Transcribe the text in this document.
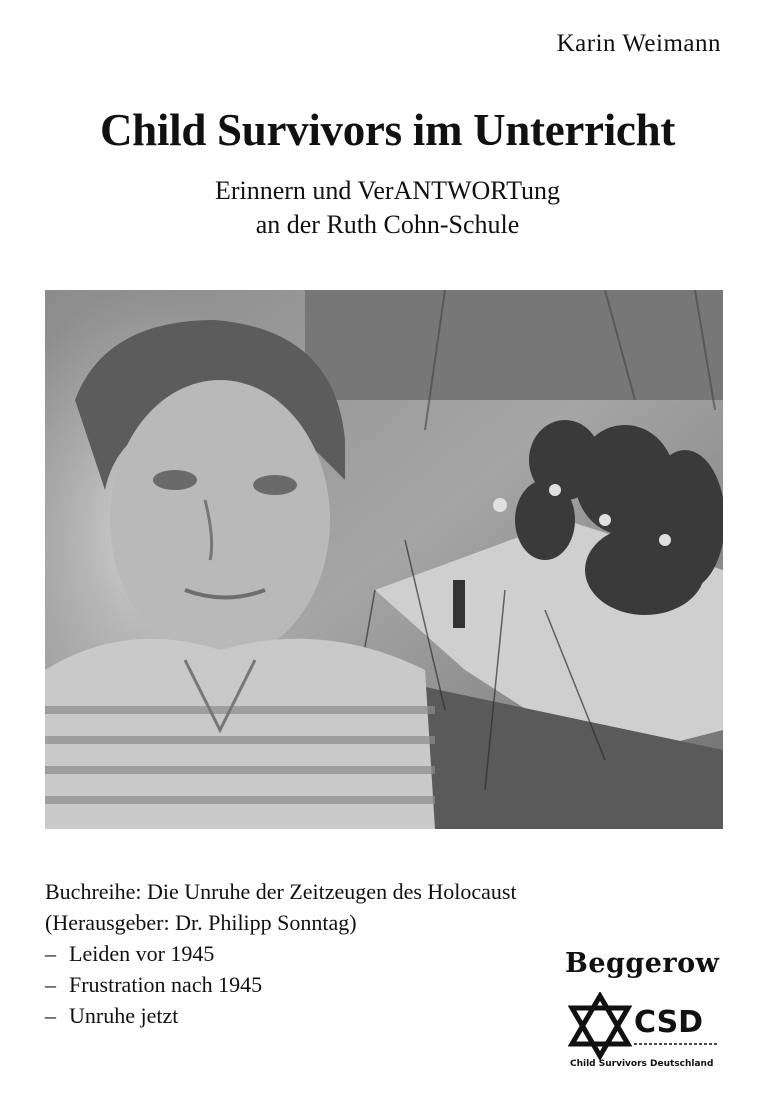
Karin Weimann
Child Survivors im Unterricht
Erinnern und VerANTWORTung
an der Ruth Cohn-Schule
Buchreihe: Die Unruhe der Zeitzeugen des Holocaust
(Herausgeber: Dr. Philipp Sonntag)
– Leiden vor 1945
– Frustration nach 1945
– Unruhe jetzt
Beggerow
CSD
Child Survivors Deutschland
